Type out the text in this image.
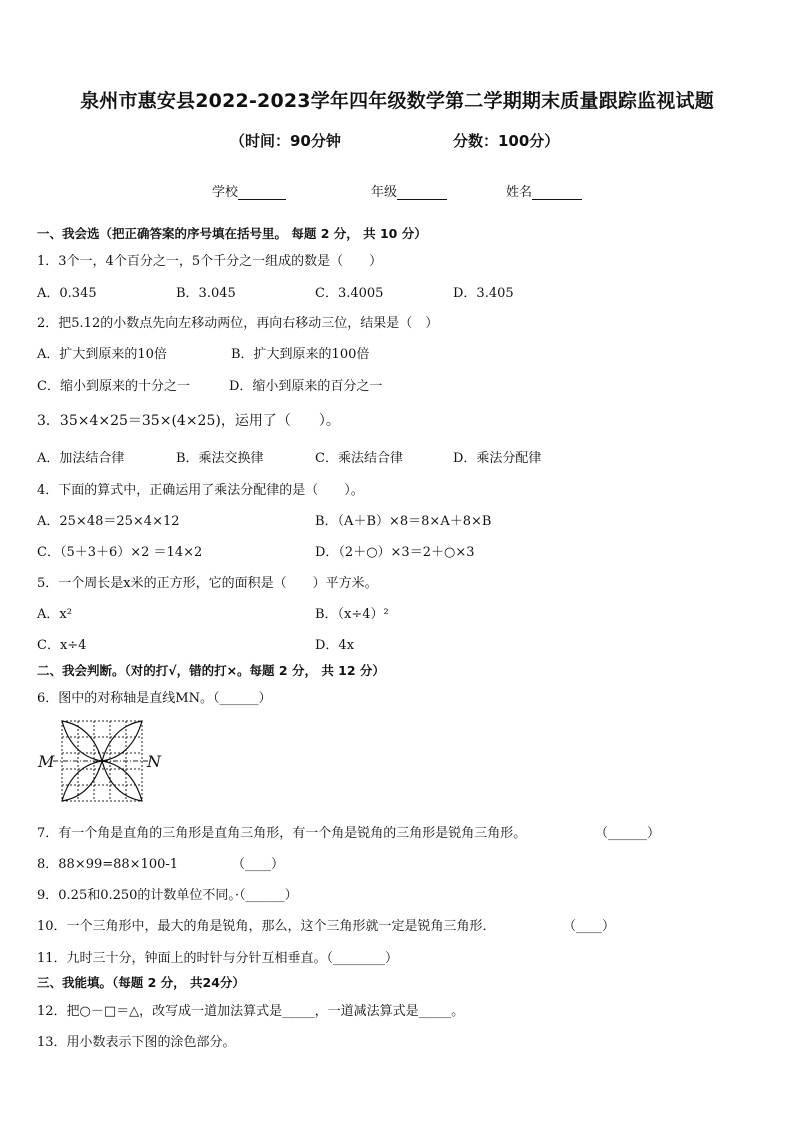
泉州市惠安县2022-2023学年四年级数学第二学期期末质量跟踪监视试题
（时间：90分钟	分数：100分）
学校	年级	姓名
一、我会选（把正确答案的序号填在括号里。 每题 2 分， 共 10 分）
1．3个一，4个百分之一，5个千分之一组成的数是（　　）
A．0.345	B．3.045	C．3.4005	D．3.405
2．把5.12的小数点先向左移动两位，再向右移动三位，结果是（　）
A．扩大到原来的10倍	B．扩大到原来的100倍
C．缩小到原来的十分之一	D．缩小到原来的百分之一
3．35×4×25＝35×(4×25)，运用了（　　）。
A．加法结合律	B．乘法交换律	C．乘法结合律	D．乘法分配律
4．下面的算式中，正确运用了乘法分配律的是（　　）。
A．25×48＝25×4×12	B．（A＋B）×8＝8×A＋8×B
C．（5＋3＋6）×2 ＝14×2	D．（2＋○）×3＝2＋○×3
5．一个周长是x米的正方形，它的面积是（　　）平方米。
A．x²	B．（x÷4）²
C．x÷4	D．4x
二、我会判断。（对的打√，错的打×。每题 2 分， 共 12 分）
6．图中的对称轴是直线MN。（______）
M	N
7．有一个角是直角的三角形是直角三角形，有一个角是锐角的三角形是锐角三角形。	（______）
8．88×99=88×100-1	（____）
9．0.25和0.250的计数单位不同。·（______）
10．一个三角形中，最大的角是锐角，那么，这个三角形就一定是锐角三角形．	（____）
11．九时三十分，钟面上的时针与分针互相垂直。（________）
三、我能填。（每题 2 分， 共24分）
12．把○－□＝△，改写成一道加法算式是_____，一道减法算式是_____。
13．用小数表示下图的涂色部分。
